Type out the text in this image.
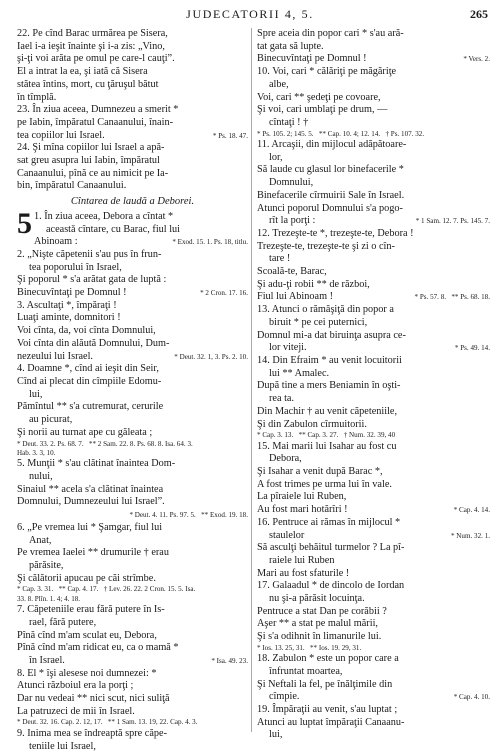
JUDECATORII 4, 5.	265
22. Pe cînd Barac urmărea pe Sisera,
Iael i-a ieşit înainte şi i-a zis: „Vino,
şi-ţi voi arăta pe omul pe care-l cauţi”.
El a intrat la ea, şi iată că Sisera
stătea întins, mort, cu ţăruşul bătut
în tîmplă.
23. În ziua aceea, Dumnezeu a smerit *
pe Iabin, împăratul Canaanului, înain-
tea copiilor lui Israel.	* Ps. 18. 47.
24. Şi mîna copiilor lui Israel a apă-
sat greu asupra lui Iabin, împăratul
Canaanului, pînă ce au nimicit pe Ia-
bin, împăratul Canaanului.
Cîntarea de laudă a Deborei.
5 1. În ziua aceea, Debora a cîntat *
aceastǎ cîntare, cu Barac, fiul lui
Abinoam :	* Exod. 15. 1. Ps. 18, titlu.
2. „Nişte căpetenii s'au pus în frun-
tea poporului în Israel,
Şi poporul * s'a arătat gata de luptă :
Binecuvîntaţi pe Domnul !	* 2 Cron. 17. 16.
3. Ascultaţi *, împăraţi !
Luaţi aminte, domnitori !
Voi cînta, da, voi cînta Domnului,
Voi cînta din alăută Domnului, Dum-
nezeului lui Israel.	* Deut. 32. 1, 3. Ps. 2. 10.
4. Doamne *, cînd ai ieşit din Seir,
Cînd ai plecat din cîmpiile Edomu-
lui,
Pămîntul ** s'a cutremurat, cerurile
au picurat,
Şi norii au turnat ape cu găleata ;
* Deut. 33. 2. Ps. 68. 7.   ** 2 Sam. 22. 8. Ps. 68. 8. Isa. 64. 3.
Hab. 3. 3, 10.
5. Munţii * s'au clătinat înaintea Dom-
nului,
Sinaiul ** acela s'a clătinat înaintea
Domnului, Dumnezeului lui Israel”.
* Deut. 4. 11. Ps. 97. 5.   ** Exod. 19. 18.
6. „Pe vremea lui * Şamgar, fiul lui
Anat,
Pe vremea Iaelei ** drumurile † erau
părăsite,
Şi călătorii apucau pe căi strîmbe.
* Cap. 3. 31.   ** Cap. 4. 17.   † Lev. 26. 22. 2 Cron. 15. 5. Isa.
33. 8. Plîn. 1. 4; 4. 18.
7. Căpeteniile erau fără putere în Is-
rael, fără putere,
Pînă cînd m'am sculat eu, Debora,
Pînă cînd m'am ridicat eu, ca o mamă *
în Israel.	* Isa. 49. 23.
8. El * îşi alesese noi dumnezei: *
Atunci războiul era la porţi ;
Dar nu vedeai ** nici scut, nici suliţă
La patruzeci de mii în Israel.
* Deut. 32. 16. Cap. 2. 12, 17.   ** 1 Sam. 13. 19, 22. Cap. 4. 3.
9. Inima mea se îndreaptă spre căpe-
teniile lui Israel,
Spre aceia din popor cari * s'au ară-
tat gata să lupte.
Binecuvîntaţi pe Domnul !	* Vers. 2.
10. Voi, cari * călăriţi pe măgăriţe
albe,
Voi, cari ** şedeţi pe covoare,
Şi voi, cari umblaţi pe drum, —
cîntaţi ! †
* Ps. 105. 2; 145. 5.   ** Cap. 10. 4; 12. 14.   † Ps. 107. 32.
11. Arcaşii, din mijlocul adăpătoare-
lor,
Să laude cu glasul lor binefacerile *
Domnului,
Binefacerile cîrmuirii Sale în Israel.
Atunci poporul Domnului s'a pogo-
rît la porţi :	* 1 Sam. 12. 7. Ps. 145. 7.
12. Trezeşte-te *, trezeşte-te, Debora !
Trezeşte-te, trezeşte-te şi zi o cîn-
tare !
Scoală-te, Barac,
Şi adu-ţi robii ** de război,
Fiul lui Abinoam !	* Ps. 57. 8.   ** Ps. 68. 18.
13. Atunci o rămăşiţă din popor a
biruit * pe cei puternici,
Domnul mi-a dat biruinţa asupra ce-
lor viteji.	* Ps. 49. 14.
14. Din Efraim * au venit locuitorii
lui ** Amalec.
După tine a mers Beniamin în oşti-
rea ta.
Din Machir † au venit căpeteniile,
Şi din Zabulon cîrmuitorii.
* Cap. 3. 13.   ** Cap. 3. 27.   † Num. 32. 39, 40
15. Mai marii lui Isahar au fost cu
Debora,
Şi Isahar a venit după Barac *,
A fost trimes pe urma lui în vale.
La pîraiele lui Ruben,
Au fost mari hotărîri !	* Cap. 4. 14.
16. Pentruce ai rămas în mijlocul *
staulelor	* Num. 32. 1.
Să asculţi behăitul turmelor ? La pî-
raiele lui Ruben
Mari au fost sfaturile !
17. Galaadul * de dincolo de Iordan
nu şi-a părăsit locuinţa.
Pentruce a stat Dan pe corăbii ?
Aşer ** a stat pe malul mării,
Şi s'a odihnit în limanurile lui.
* Ios. 13. 25, 31.   ** Ios. 19. 29, 31.
18. Zabulon * este un popor care a
înfruntat moartea,
Şi Neftali la fel, pe înălţimile din
cîmpie.	* Cap. 4. 10.
19. Împăraţii au venit, s'au luptat ;
Atunci au luptat împăraţii Canaanu-
lui,
